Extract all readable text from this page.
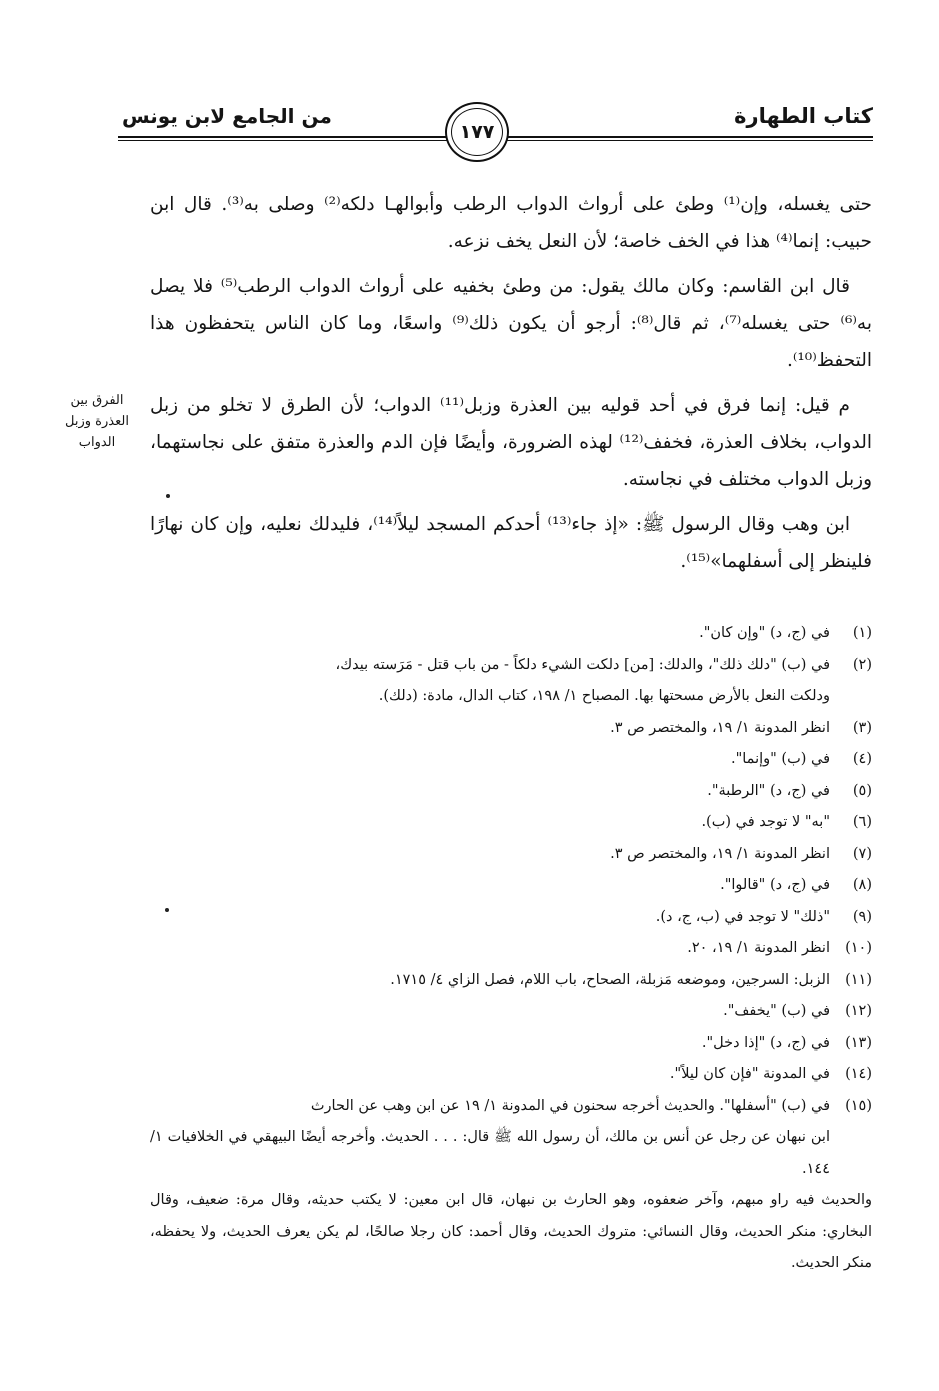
كتاب الطهارة
من الجامع لابن يونس
١٧٧
الفرق بين العذرة وزبل الدواب

حتى يغسله، وإن⁽¹⁾ وطئ على أرواث الدواب الرطب وأبوالهـا دلكه⁽²⁾ وصلى به⁽³⁾. قال ابن حبيب: إنما⁽⁴⁾ هذا في الخف خاصة؛ لأن النعل يخف نزعه.

قال ابن القاسم: وكان مالك يقول: من وطئ بخفيه على أرواث الدواب الرطب⁽⁵⁾ فلا يصل به⁽⁶⁾ حتى يغسله⁽⁷⁾، ثم قال⁽⁸⁾: أرجو أن يكون ذلك⁽⁹⁾ واسعًا، وما كان الناس يتحفظون هذا التحفظ⁽¹⁰⁾.

م قيل: إنما فرق في أحد قوليه بين العذرة وزبل⁽¹¹⁾ الدواب؛ لأن الطرق لا تخلو من زبل الدواب، بخلاف العذرة، فخفف⁽¹²⁾ لهذه الضرورة، وأيضًا فإن الدم والعذرة متفق على نجاستهما، وزبل الدواب مختلف في نجاسته.

ابن وهب وقال الرسول ﷺ: «إذ جاء⁽¹³⁾ أحدكم المسجد ليلاً⁽¹⁴⁾، فليدلك نعليه، وإن كان نهارًا فلينظر إلى أسفلهما»⁽¹⁵⁾.

(١)
في (ج، د) "وإن كان".
(٢)
في (ب) "دلك ذلك"، والدلك: [من] دلكت الشيء دلكاً - من باب قتل - مَرَسته بيدك،
ودلكت النعل بالأرض مسحتها بها. المصباح ١/ ١٩٨، كتاب الدال، مادة: (دلك).
(٣)
انظر المدونة ١/ ١٩، والمختصر ص ٣.
(٤)
في (ب) "وإنما".
(٥)
في (ج، د) "الرطبة".
(٦)
"به" لا توجد في (ب).
(٧)
انظر المدونة ١/ ١٩، والمختصر ص ٣.
(٨)
في (ج، د) "قالوا".
(٩)
"ذلك" لا توجد في (ب، ج، د).
(١٠)
انظر المدونة ١/ ١٩، ٢٠.
(١١)
الزبل: السرجين، وموضعه مَزبلة، الصحاح، باب اللام، فصل الزاي ٤/ ١٧١٥.
(١٢)
في (ب) "يخفف".
(١٣)
في (ج، د) "إذا دخل".
(١٤)
في المدونة "فإن كان ليلاً".
(١٥)
في (ب) "أسفلها". والحديث أخرجه سحنون في المدونة ١/ ١٩ عن ابن وهب عن الحارث
ابن نبهان عن رجل عن أنس بن مالك، أن رسول الله ﷺ قال: . . . الحديث. وأخرجه أيضًا البيهقي في الخلافيات ١/ ١٤٤.
والحديث فيه راو مبهم، وآخر ضعفوه، وهو الحارث بن نبهان، قال ابن معين: لا يكتب حديثه، وقال مرة: ضعيف، وقال البخاري: منكر الحديث، وقال النسائي: متروك الحديث، وقال أحمد: كان رجلا صالحًا، لم يكن يعرف الحديث، ولا يحفظه، منكر الحديث.
